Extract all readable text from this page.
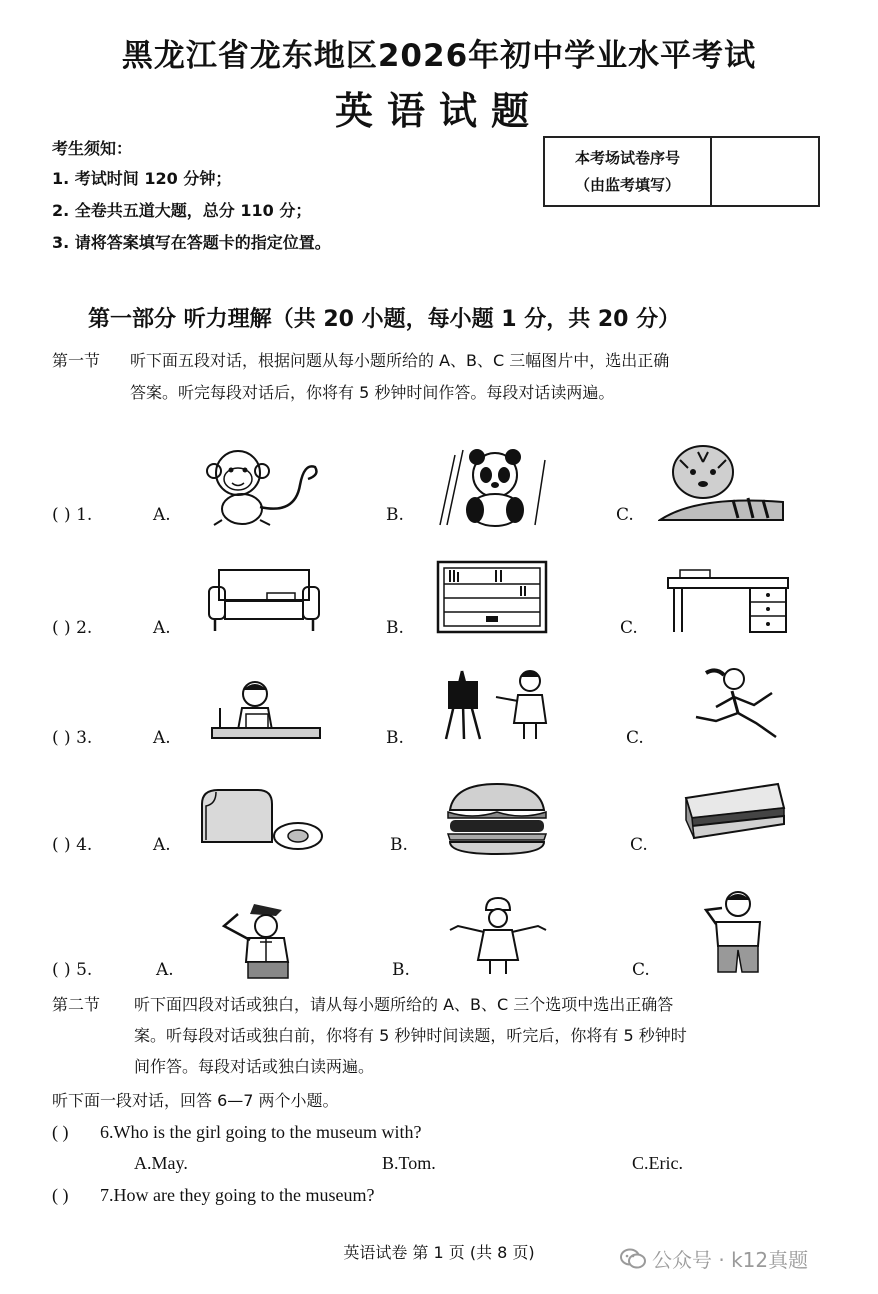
黑龙江省龙东地区2026年初中学业水平考试
英语试题
考生须知：
1. 考试时间 120 分钟；
2. 全卷共五道大题，总分 110 分；
3. 请将答案填写在答题卡的指定位置。
本考场试卷序号
（由监考填写）
第一部分 听力理解（共 20 小题，每小题 1 分，共 20 分）
第一节 听下面五段对话，根据问题从每小题所给的 A、B、C 三幅图片中，选出正确
答案。听完每段对话后，你将有 5 秒钟时间作答。每段对话读两遍。
( ) 1.	A.	B.	C.
( ) 2.	A.	B.	C.
( ) 3.	A.	B.	C.
( ) 4.	A.	B.	C.
( ) 5.	A.	B.	C.
第二节 听下面四段对话或独白，请从每小题所给的 A、B、C 三个选项中选出正确答
案。听每段对话或独白前，你将有 5 秒钟时间读题，听完后，你将有 5 秒钟时
间作答。每段对话或独白读两遍。
听下面一段对话，回答 6—7 两个小题。
( ) 6.Who is the girl going to the museum with?
A.May.	B.Tom.	C.Eric.
( ) 7.How are they going to the museum?
英语试卷 第 1 页 (共 8 页)	公众号 · k12真题
